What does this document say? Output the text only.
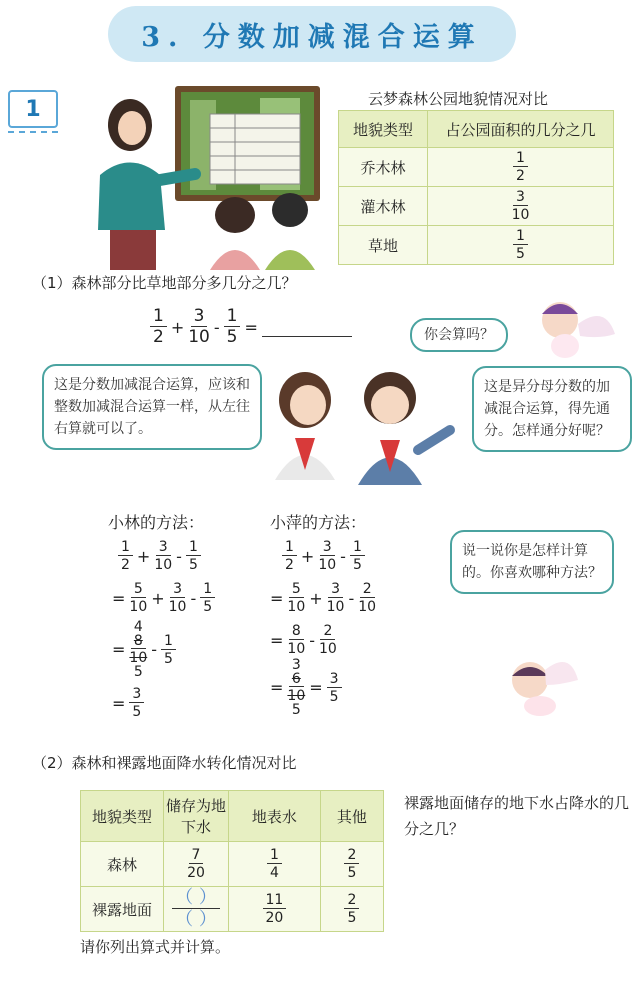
3. 分数加减混合运算
1	云梦森林公园地貌情况对比
地貌类型	占公园面积的几分之几
乔木林	$\frac{1}{2}$

灌木林	$\frac{3}{10}$

草地	$\frac{1}{5}$
（1）森林部分比草地部分多几分之几？
$\frac{1}{2} + \frac{3}{10} - \frac{1}{5}$ =	你会算吗？
这是分数加减混合运算，应该和整数加减混合运算一样，从左往右算就可以了。
这是异分母分数的加减混合运算，得先通分。怎样通分好呢？
小林的方法：
$\frac{1}{2} + \frac{3}{10} - \frac{1}{5}$
= $\frac{5}{10} + \frac{3}{10} - \frac{1}{5}$
=
4
8
10
5
- $\frac{1}{5}$
= $\frac{3}{5}$
小萍的方法：
$\frac{1}{2} + \frac{3}{10} - \frac{1}{5}$
= $\frac{5}{10} + \frac{3}{10} - \frac{2}{10}$
= $\frac{8}{10} - \frac{2}{10}$
=
3
6
10
5
= $\frac{3}{5}$
说一说你是怎样计算的。你喜欢哪种方法？
（2）森林和裸露地面降水转化情况对比
地貌类型	储存为地下水	地表水	其他
森林	$\frac{7}{20}$	$\frac{1}{4}$	$\frac{2}{5}$

裸露地面	$\frac{( )}{( )}$	$\frac{11}{20}$	$\frac{2}{5}$
裸露地面储存的地下水占降水的几分之几？
请你列出算式并计算。
